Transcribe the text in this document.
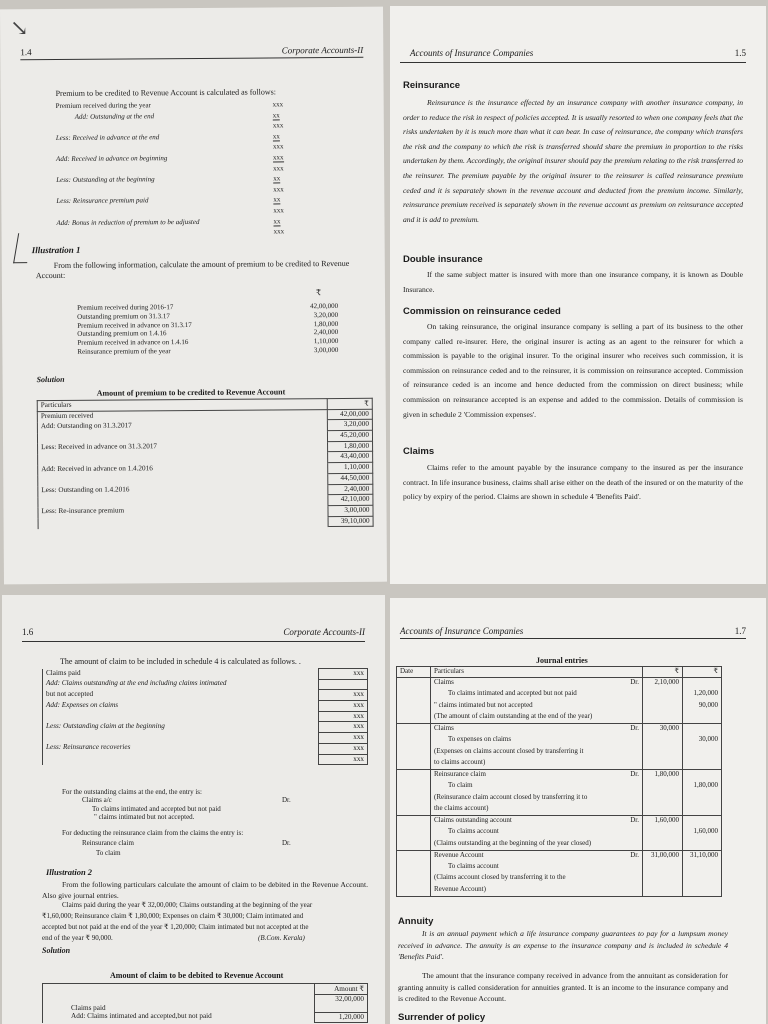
↘
1.4	Corporate Accounts-II
Premium to be credited to Revenue Account is calculated as follows:
Premium received during the year	xxx
Add: Outstanding at the end	xx
xxx
Less: Received in advance at the end	xx
xxx
Add: Received in advance on beginning	xxx
xxx
Less: Outstanding at the beginning	xx
xxx
Less: Reinsurance premium paid	xx
xxx
Add: Bonus in reduction of premium to be adjusted	xx
xxx
Illustration 1
From the following information, calculate the amount of premium to be credited to Revenue
Account:
₹
Premium received during 2016-17	42,00,000
Outstanding premium on 31.3.17	3,20,000
Premium received in advance on 31.3.17	1,80,000
Outstanding premium on 1.4.16	2,40,000
Premium received in advance on 1.4.16	1,10,000
Reinsurance premium of the year	3,00,000
Solution
Amount of premium to be credited to Revenue Account
Particulars	₹
Premium received	42,00,000
Add: Outstanding on 31.3.2017	3,20,000
	45,20,000
Less: Received in advance on 31.3.2017	1,80,000
	43,40,000
Add: Received in advance on 1.4.2016	1,10,000
	44,50,000
Less: Outstanding on 1.4.2016	2,40,000
	42,10,000
Less: Re-insurance premium	3,00,000
	39,10,000
Accounts of Insurance Companies	1.5
Reinsurance
Reinsurance is the insurance effected by an insurance company with another insurance company, in order to reduce the risk in respect of policies accepted. It is usually resorted to when one company feels that the risks undertaken by it is much more than what it can bear. In case of reinsurance, the company which transfers the risk and the company to which the risk is transferred should share the premium in proportion to the risks undertaken by them. Accordingly, the original insurer should pay the premium relating to the risk transferred to the reinsurer. The premium payable by the original insurer to the reinsurer is called reinsurance premium ceded and it is separately shown in the revenue account and deducted from the premium income. Similarly, reinsurance premium received is separately shown in the revenue account as premium on reinsurance accepted and it is add to premium.
Double insurance
If the same subject matter is insured with more than one insurance company, it is known as Double Insurance.
Commission on reinsurance ceded
On taking reinsurance, the original insurance company is selling a part of its business to the other company called re-insurer. Here, the original insurer is acting as an agent to the reinsurer for which a commission is payable to the original insurer. To the original insurer who receives such commission, it is commission on reinsurance ceded and to the reinsurer, it is commission on reinsurance accepted. Commission of reinsurance ceded is an income and hence deducted from the commission on direct business; while commission on reinsurance accepted is an expense and added to the commission. Details of commission is given in schedule 2 'Commission expenses'.
Claims
Claims refer to the amount payable by the insurance company to the insured as per the insurance contract. In life insurance business, claims shall arise either on the death of the insured or on the maturity of the policy by expiry of the period. Claims are shown in schedule 4 'Benefits Paid'.
1.6	Corporate Accounts-II
The amount of claim to be included in schedule 4 is calculated as follows. .
Claims paid	xxx
Add: Claims outstanding at the end including claims intimated	
but not accepted	xxx
Add: Expenses on claims	xxx
	xxx
Less: Outstanding claim at the beginning	xxx
	xxx
Less: Reinsurance recoveries	xxx
	xxx
For the outstanding claims at the end, the entry is:
Claims a/c
To claims intimated and accepted but not paid
" claims intimated but not accepted.
For deducting the reinsurance claim from the claims the entry is:
Reinsurance claim
To claim
Dr.
Dr.
Illustration 2
From the following particulars calculate the amount of claim to be debited in the Revenue Account. Also give journal entries.
Claims paid during the year ₹ 32,00,000; Claims outstanding at the beginning of the year
₹1,60,000; Reinsurance claim ₹ 1,80,000; Expenses on claim ₹ 30,000; Claim intimated and
accepted but not paid at the end of the year ₹ 1,20,000; Claim intimated but not accepted at the
end of the year ₹ 90,000.	(B.Com. Kerala)
Solution
Amount of claim to be debited to Revenue Account
	Amount ₹
Claims paid	32,00,000
Add: Claims intimated and accepted,but not paid	1,20,000
Accounts of Insurance Companies	1.7
Journal entries
Date	Particulars	₹	₹
	Claims Dr.	2,10,000	
	To claims intimated and accepted but not paid		1,20,000
	" claims intimated but not accepted		90,000
	(The amount of claim outstanding at the end of the year)		
	Claims Dr.	30,000	
	To expenses on claims		30,000
	(Expenses on claims account closed by transferring it		
	to claims account)		
	Reinsurance claim Dr.	1,80,000	
	To claim		1,80,000
	(Reinsurance claim account closed by transferring it to		
	the claims account)		
	Claims outstanding account Dr.	1,60,000	
	To claims account		1,60,000
	(Claims outstanding at the beginning of the year closed)		
	Revenue Account Dr.	31,00,000	31,10,000
	To claims account		
	(Claims account closed by transferring it to the		
	Revenue Account)		
Annuity
It is an annual payment which a life insurance company guarantees to pay for a lumpsum money received in advance. The annuity is an expense to the insurance company and is included in schedule 4 'Benefits Paid'.
The amount that the insurance company received in advance from the annuitant as consideration for granting annuity is called consideration for annuities granted. It is an income to the insurance company and is credited to the Revenue Account.
Surrender of policy
